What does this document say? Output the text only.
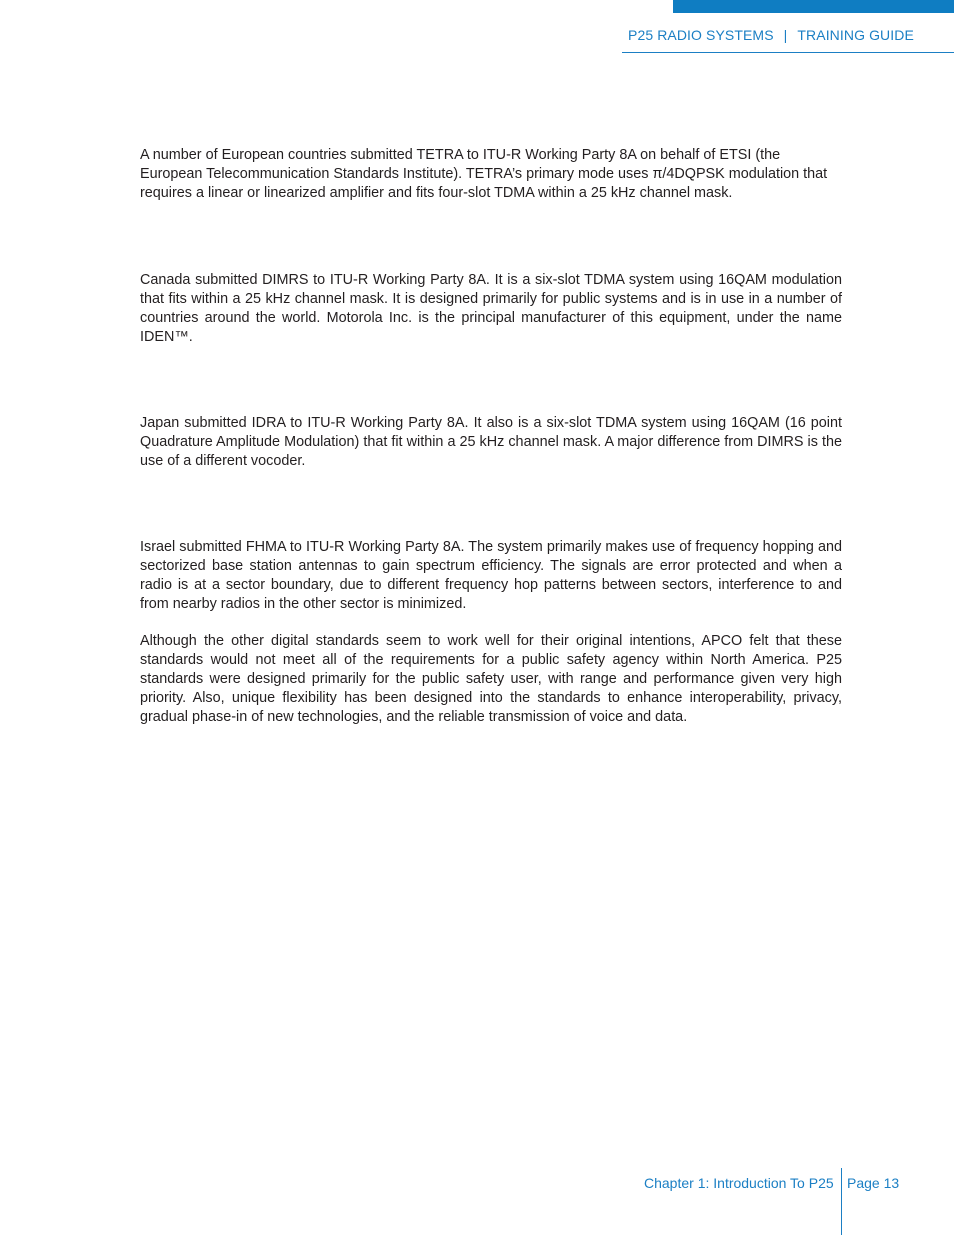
P25 RADIO SYSTEMS | TRAINING GUIDE

A number of European countries submitted TETRA to ITU-R Working Party 8A on behalf of ETSI (the European Telecommunication Standards Institute). TETRA’s primary mode uses π/4DQPSK modulation that requires a linear or linearized amplifier and fits four-slot TDMA within a 25 kHz channel mask.

Canada submitted DIMRS to ITU-R Working Party 8A. It is a six-slot TDMA system using 16QAM modulation that fits within a 25 kHz channel mask. It is designed primarily for public systems and is in use in a number of countries around the world. Motorola Inc. is the principal manufacturer of this equipment, under the name IDEN™.

Japan submitted IDRA to ITU-R Working Party 8A. It also is a six-slot TDMA system using 16QAM (16 point Quadrature Amplitude Modulation) that fit within a 25 kHz channel mask. A major difference from DIMRS is the use of a different vocoder.

Israel submitted FHMA to ITU-R Working Party 8A. The system primarily makes use of frequency hopping and sectorized base station antennas to gain spectrum efficiency. The signals are error protected and when a radio is at a sector boundary, due to different frequency hop patterns between sectors, interference to and from nearby radios in the other sector is minimized.

Although the other digital standards seem to work well for their original intentions, APCO felt that these standards would not meet all of the requirements for a public safety agency within North America. P25 standards were designed primarily for the public safety user, with range and performance given very high priority. Also, unique flexibility has been designed into the standards to enhance interoperability, privacy, gradual phase-in of new technologies, and the reliable transmission of voice and data.

Chapter 1: Introduction To P25 Page 13
